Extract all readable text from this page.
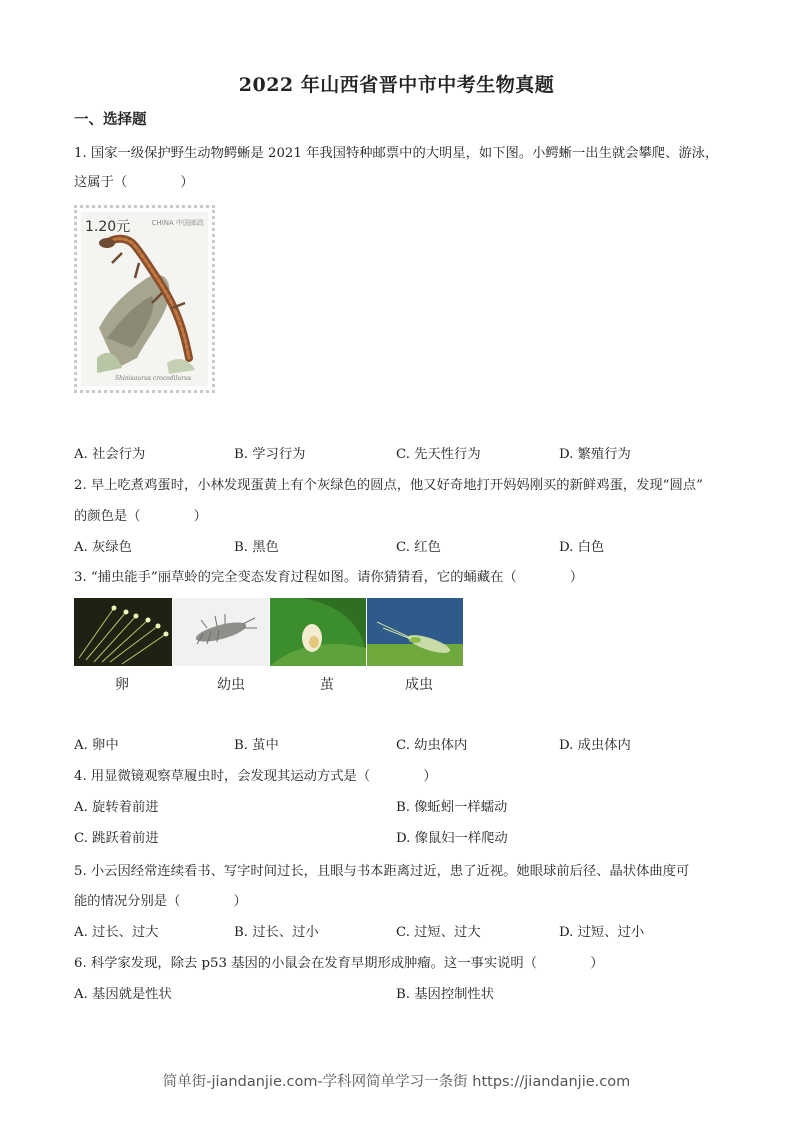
2022 年山西省晋中市中考生物真题
一、选择题
1. 国家一级保护野生动物鳄蜥是 2021 年我国特种邮票中的大明星，如下图。小鳄蜥一出生就会攀爬、游泳，
这属于（　　　　）
1.20元	CHINA 中国邮政
Shinisaurus crocodilurus
A. 社会行为	B. 学习行为	C. 先天性行为	D. 繁殖行为
2. 早上吃煮鸡蛋时，小林发现蛋黄上有个灰绿色的圆点，他又好奇地打开妈妈刚买的新鲜鸡蛋，发现“圆点”
的颜色是（　　　　）
A. 灰绿色	B. 黑色	C. 红色	D. 白色
3. “捕虫能手”丽草蛉的完全变态发育过程如图。请你猜猜看，它的蛹藏在（　　　　）
卵	幼虫	茧	成虫
A. 卵中	B. 茧中	C. 幼虫体内	D. 成虫体内
4. 用显微镜观察草履虫时，会发现其运动方式是（　　　　）
A. 旋转着前进	B. 像蚯蚓一样蠕动
C. 跳跃着前进	D. 像鼠妇一样爬动
5. 小云因经常连续看书、写字时间过长，且眼与书本距离过近，患了近视。她眼球前后径、晶状体曲度可
能的情况分别是（　　　　）
A. 过长、过大	B. 过长、过小	C. 过短、过大	D. 过短、过小
6. 科学家发现，除去 p53 基因的小鼠会在发育早期形成肿瘤。这一事实说明（　　　　）
A. 基因就是性状	B. 基因控制性状
简单街-jiandanjie.com-学科网简单学习一条街 https://jiandanjie.com
